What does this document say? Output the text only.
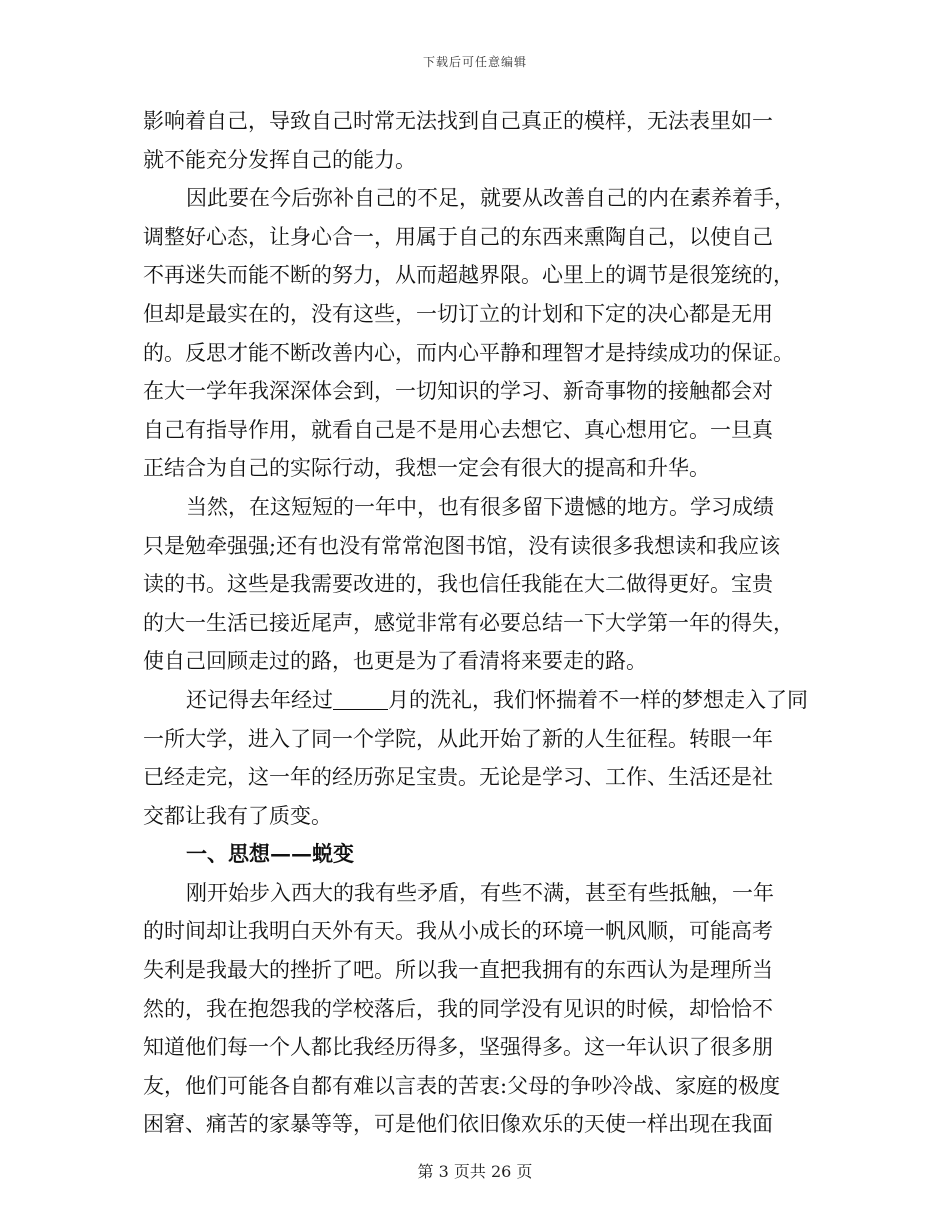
下载后可任意编辑
影响着自己，导致自己时常无法找到自己真正的模样，无法表里如一
就不能充分发挥自己的能力。
因此要在今后弥补自己的不足，就要从改善自己的内在素养着手，
调整好心态，让身心合一，用属于自己的东西来熏陶自己，以使自己
不再迷失而能不断的努力，从而超越界限。心里上的调节是很笼统的，
但却是最实在的，没有这些，一切订立的计划和下定的决心都是无用
的。反思才能不断改善内心，而内心平静和理智才是持续成功的保证。
在大一学年我深深体会到，一切知识的学习、新奇事物的接触都会对
自己有指导作用，就看自己是不是用心去想它、真心想用它。一旦真
正结合为自己的实际行动，我想一定会有很大的提高和升华。
当然，在这短短的一年中，也有很多留下遗憾的地方。学习成绩
只是勉牵强强;还有也没有常常泡图书馆，没有读很多我想读和我应该
读的书。这些是我需要改进的，我也信任我能在大二做得更好。宝贵
的大一生活已接近尾声，感觉非常有必要总结一下大学第一年的得失，
使自己回顾走过的路，也更是为了看清将来要走的路。
还记得去年经过	月的洗礼，我们怀揣着不一样的梦想走入了同
一所大学，进入了同一个学院，从此开始了新的人生征程。转眼一年
已经走完，这一年的经历弥足宝贵。无论是学习、工作、生活还是社
交都让我有了质变。
一、思想——蜕变
刚开始步入西大的我有些矛盾，有些不满，甚至有些抵触，一年
的时间却让我明白天外有天。我从小成长的环境一帆风顺，可能高考
失利是我最大的挫折了吧。所以我一直把我拥有的东西认为是理所当
然的，我在抱怨我的学校落后，我的同学没有见识的时候，却恰恰不
知道他们每一个人都比我经历得多，坚强得多。这一年认识了很多朋
友，他们可能各自都有难以言表的苦衷:父母的争吵冷战、家庭的极度
困窘、痛苦的家暴等等，可是他们依旧像欢乐的天使一样出现在我面
第 3 页共 26 页
